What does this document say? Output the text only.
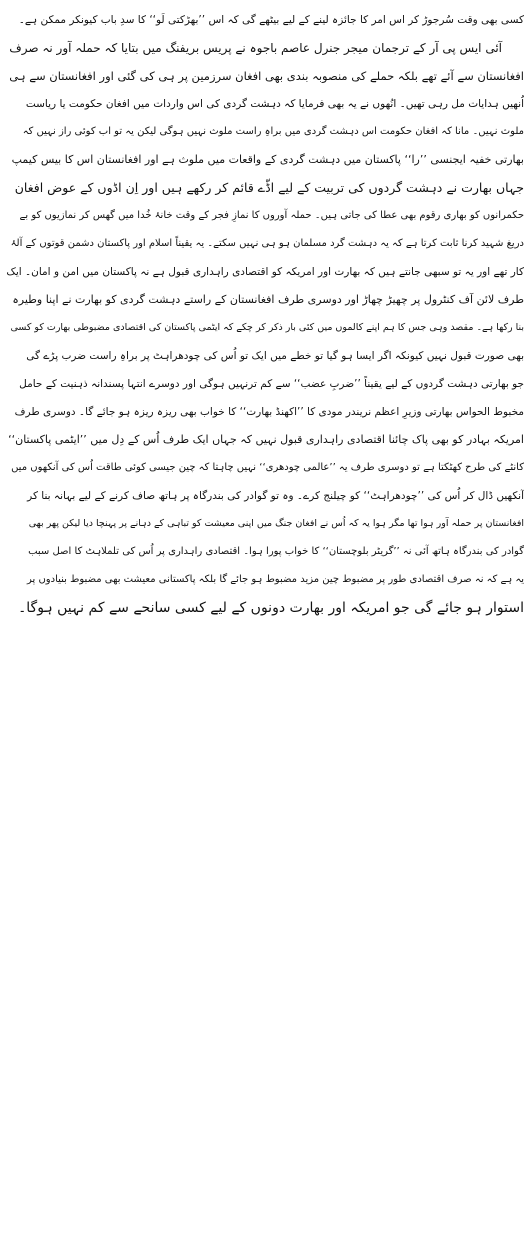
کسی بھی وقت سُرجوڑ کر اس امر کا جائزہ لینے کے لیے بیٹھے گی کہ اس ’’بھڑکتی لَو‘‘ کا سدِ باب کیونکر ممکن ہے۔
آئی ایس پی آر کے ترجمان میجر جنرل عاصم باجوہ نے پریس بریفنگ میں بتایا کہ حملہ آور نہ صرف
افغانستان سے آئے تھے بلکہ حملے کی منصوبہ بندی بھی افغان سرزمین پر ہی کی گئی اور افغانستان سے ہی
اُنھیں ہدایات مل رہی تھیں۔ انُھوں نے یہ بھی فرمایا کہ دہشت گردی کی اس واردات میں افغان حکومت یا ریاست
ملوث نہیں۔ مانا کہ افغان حکومت اس دہشت گردی میں براہِ راست ملوث نہیں ہوگی لیکن یہ تو اب کوئی راز نہیں کہ
بھارتی خفیہ ایجنسی ’’را‘‘ پاکستان میں دہشت گردی کے واقعات میں ملوث ہے اور افغانستان اس کا بیس کیمپ
جہاں بھارت نے دہشت گردوں کی تربیت کے لیے اڈّے قائم کر رکھے ہیں اور اِن اڈوں کے عوض افغان
حکمرانوں کو بھاری رقوم بھی عطا کی جاتی ہیں۔ حملہ آوروں کا نمازِ فجر کے وقت خانۂ خُدا میں گھس کر نمازیوں کو بے
دریغ شہید کرنا ثابت کرتا ہے کہ یہ دہشت گرد مسلمان ہو ہی نہیں سکتے۔ یہ یقیناً اسلام اور پاکستان دشمن قوتوں کے آلۂ
کار تھے اور یہ تو سبھی جانتے ہیں کہ بھارت اور امریکہ کو اقتصادی راہداری قبول ہے نہ پاکستان میں امن و امان۔ ایک
طرف لائن آف کنٹرول پر چھیڑ چھاڑ اور دوسری طرف افغانستان کے راستے دہشت گردی کو بھارت نے اپنا وطیرہ
بنا رکھا ہے۔ مقصد وہی جس کا ہم اپنے کالموں میں کئی بار ذکر کر چکے کہ ایٹمی پاکستان کی اقتصادی مضبوطی بھارت کو کسی
بھی صورت قبول نہیں کیونکہ اگر ایسا ہو گیا تو خطے میں ایک تو اُس کی چودھراہٹ پر براہِ راست ضرب پڑے گی
جو بھارتی دہشت گردوں کے لیے یقیناً ’’ضربِ عضب‘‘ سے کم ترنہیں ہوگی اور دوسرے انتہا پسندانہ ذہنیت کے حامل
مخبوط الحواس بھارتی وزیرِ اعظم نریندر مودی کا ’’اکھنڈ بھارت‘‘ کا خواب بھی ریزہ ریزہ ہو جائے گا۔ دوسری طرف
امریکہ بہادر کو بھی پاک چائنا اقتصادی راہداری قبول نہیں کہ جہاں ایک طرف اُس کے دِل میں ’’ایٹمی پاکستان‘‘
کانٹے کی طرح کھٹکتا ہے تو دوسری طرف یہ ’’عالمی چودھری‘‘ نہیں چاہتا کہ چین جیسی کوئی طاقت اُس کی آنکھوں میں
آنکھیں ڈال کر اُس کی ’’چودھراہٹ‘‘ کو چیلنج کرے۔ وہ تو گوادر کی بندرگاہ پر ہاتھ صاف کرنے کے لیے بہانہ بنا کر
افغانستان پر حملہ آور ہوا تھا مگر ہوا یہ کہ اُس نے افغان جنگ میں اپنی معیشت کو تباہی کے دہانے پر پہنچا دیا لیکن پھر بھی
گوادر کی بندرگاہ ہاتھ آئی نہ ’’گریٹر بلوچستان‘‘ کا خواب پورا ہوا۔ اقتصادی راہداری پر اُس کی تلملاہٹ کا اصل سبب
یہ ہے کہ نہ صرف اقتصادی طور پر مضبوط چین مزید مضبوط ہو جائے گا بلکہ پاکستانی معیشت بھی مضبوط بنیادوں پر
استوار ہو جائے گی جو امریکہ اور بھارت دونوں کے لیے کسی سانحے سے کم نہیں ہوگا۔
